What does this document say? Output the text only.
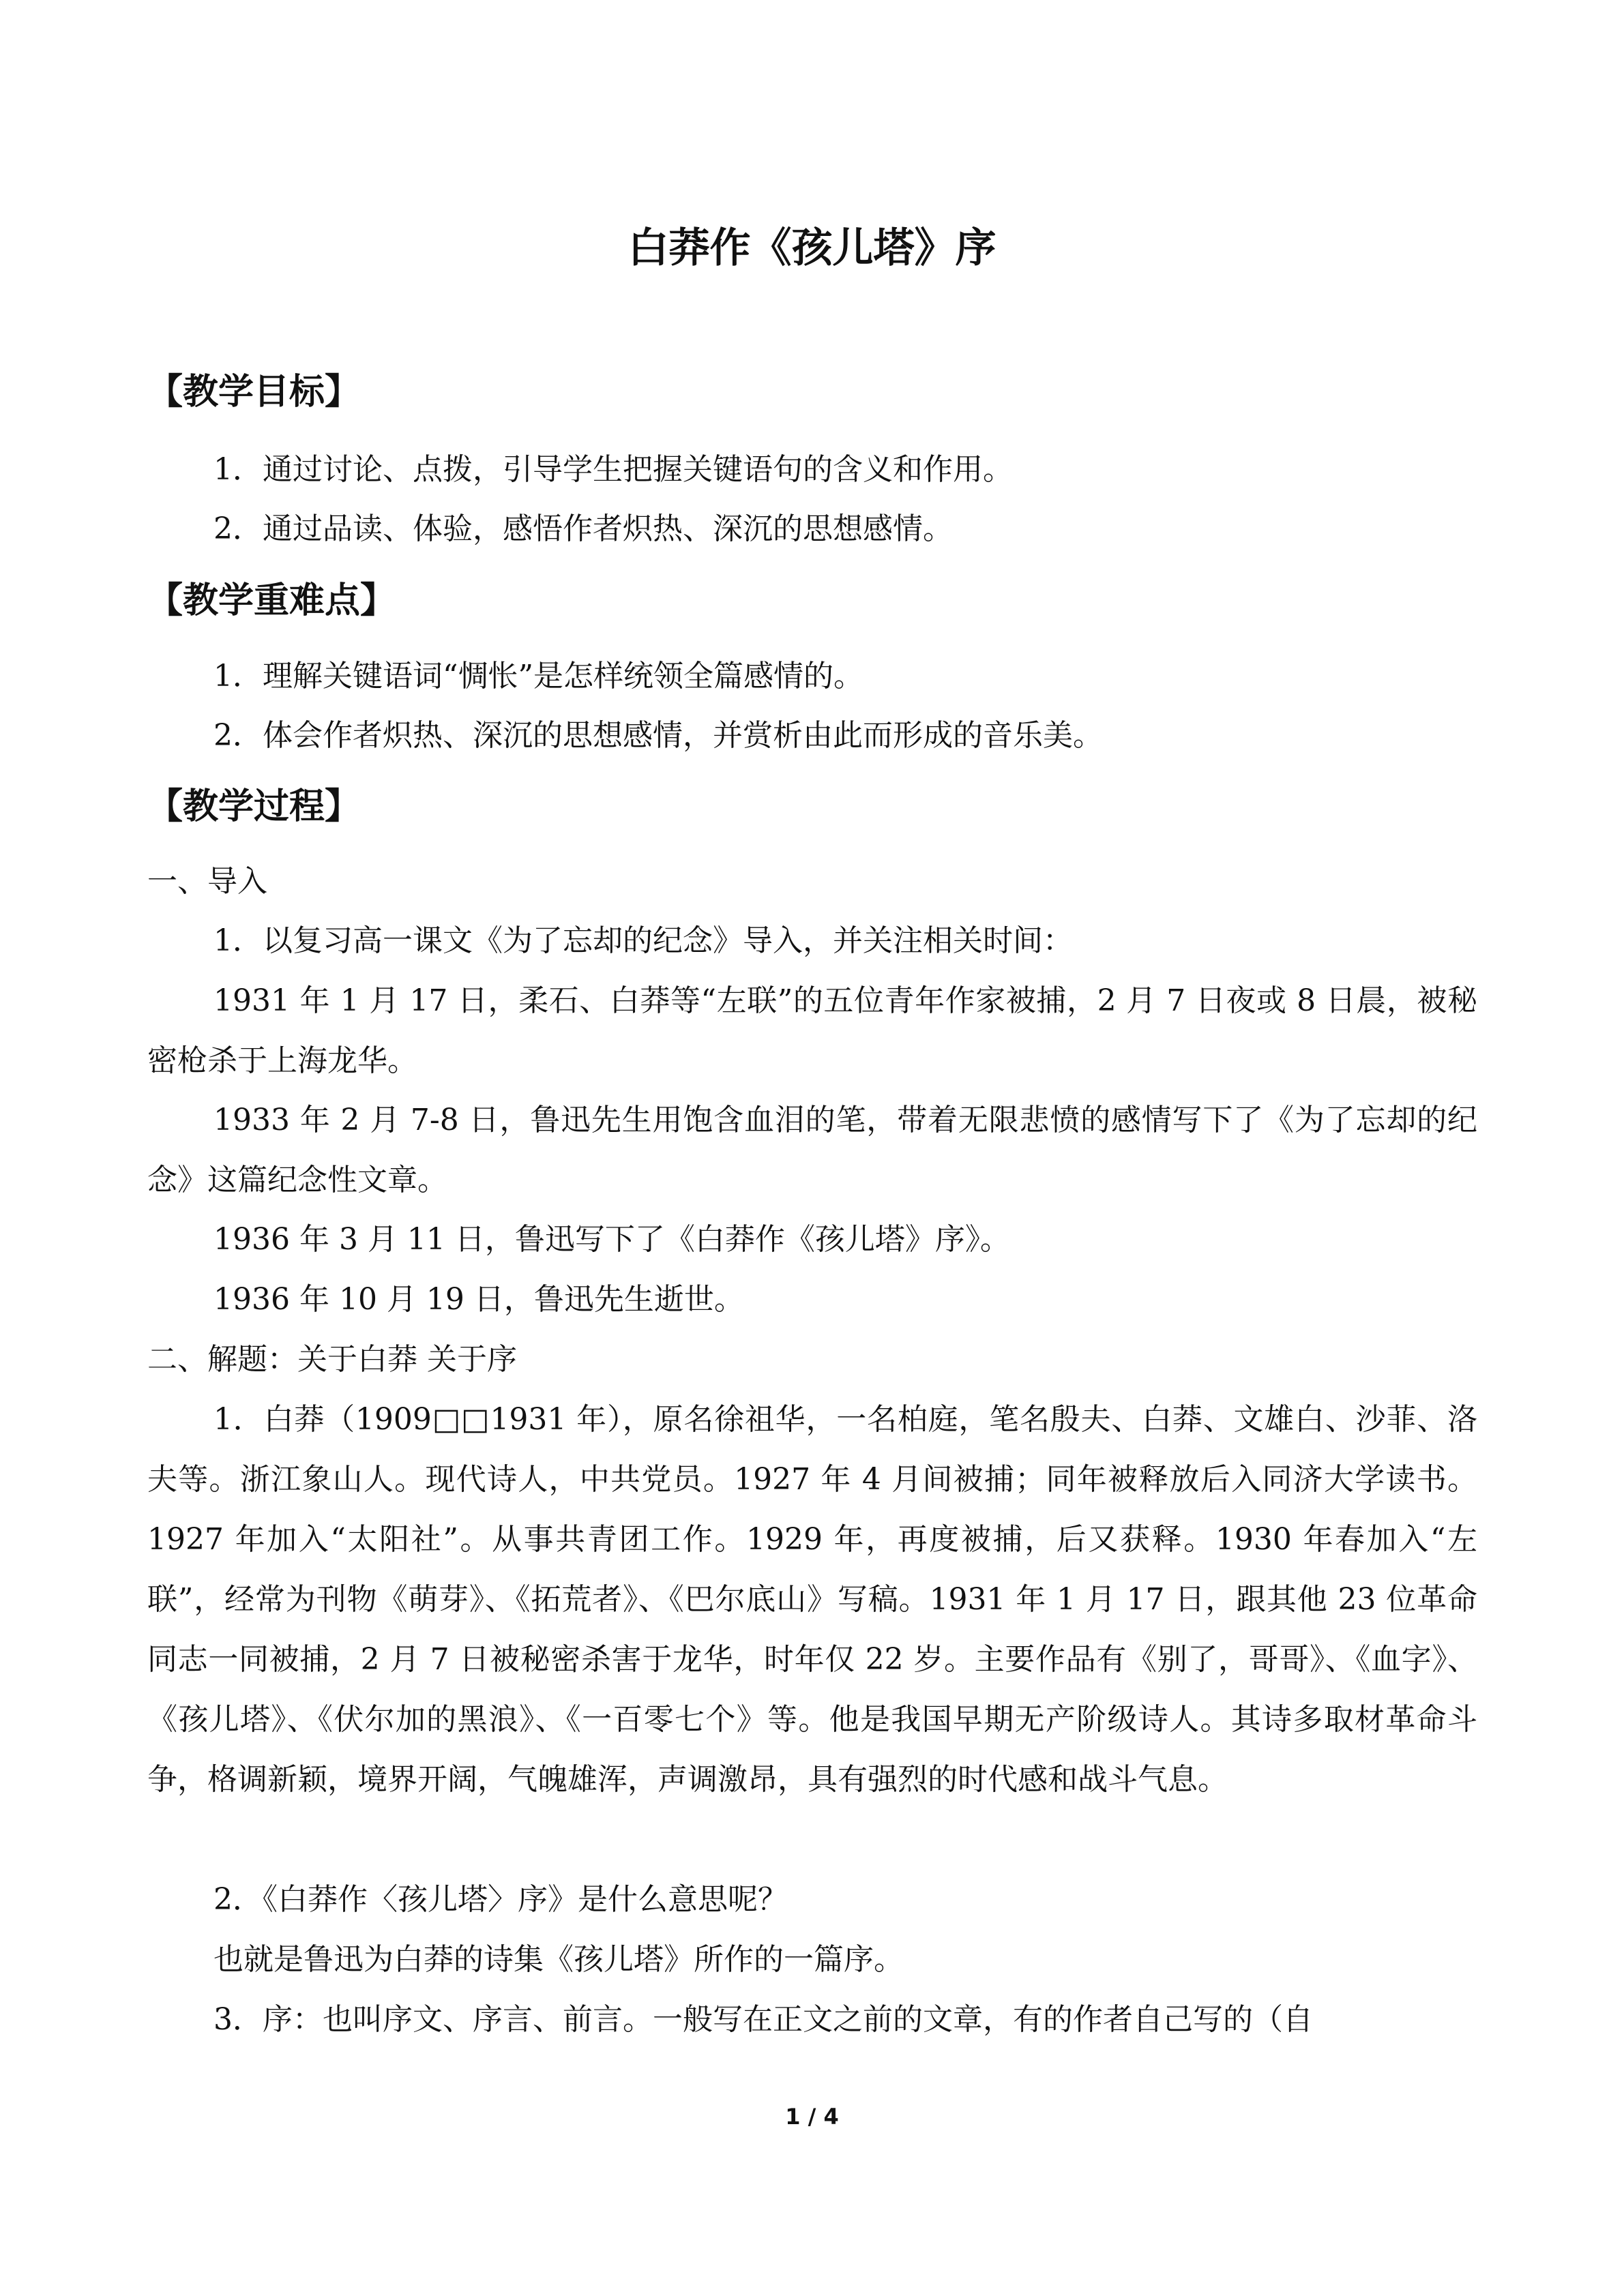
白莽作《孩儿塔》序
【教学目标】
1．通过讨论、点拨，引导学生把握关键语句的含义和作用。
2．通过品读、体验，感悟作者炽热、深沉的思想感情。
【教学重难点】
1．理解关键语词“惆怅”是怎样统领全篇感情的。
2．体会作者炽热、深沉的思想感情，并赏析由此而形成的音乐美。
【教学过程】
一、导入
1．以复习高一课文《为了忘却的纪念》导入，并关注相关时间：
1931 年 1 月 17 日，柔石、白莽等“左联”的五位青年作家被捕，2 月 7 日夜或 8 日晨，被秘密枪杀于上海龙华。
1933 年 2 月 7-8 日，鲁迅先生用饱含血泪的笔，带着无限悲愤的感情写下了《为了忘却的纪念》这篇纪念性文章。
1936 年 3 月 11 日，鲁迅写下了《白莽作《孩儿塔》序》。
1936 年 10 月 19 日，鲁迅先生逝世。
二、解题：关于白莽 关于序
1．白莽（1909□□1931 年），原名徐祖华，一名柏庭，笔名殷夫、白莽、文雄白、沙菲、洛夫等。浙江象山人。现代诗人，中共党员。1927 年 4 月间被捕；同年被释放后入同济大学读书。1927 年加入“太阳社”。从事共青团工作。1929 年，再度被捕，后又获释。1930 年春加入“左联”，经常为刊物《萌芽》、《拓荒者》、《巴尔底山》写稿。1931 年 1 月 17 日，跟其他 23 位革命同志一同被捕，2 月 7 日被秘密杀害于龙华，时年仅 22 岁。主要作品有《别了，哥哥》、《血字》、《孩儿塔》、《伏尔加的黑浪》、《一百零七个》等。他是我国早期无产阶级诗人。其诗多取材革命斗争，格调新颖，境界开阔，气魄雄浑，声调激昂，具有强烈的时代感和战斗气息。
2．《白莽作〈孩儿塔〉序》是什么意思呢？
也就是鲁迅为白莽的诗集《孩儿塔》所作的一篇序。
3．序：也叫序文、序言、前言。一般写在正文之前的文章，有的作者自己写的（自
1 / 4
